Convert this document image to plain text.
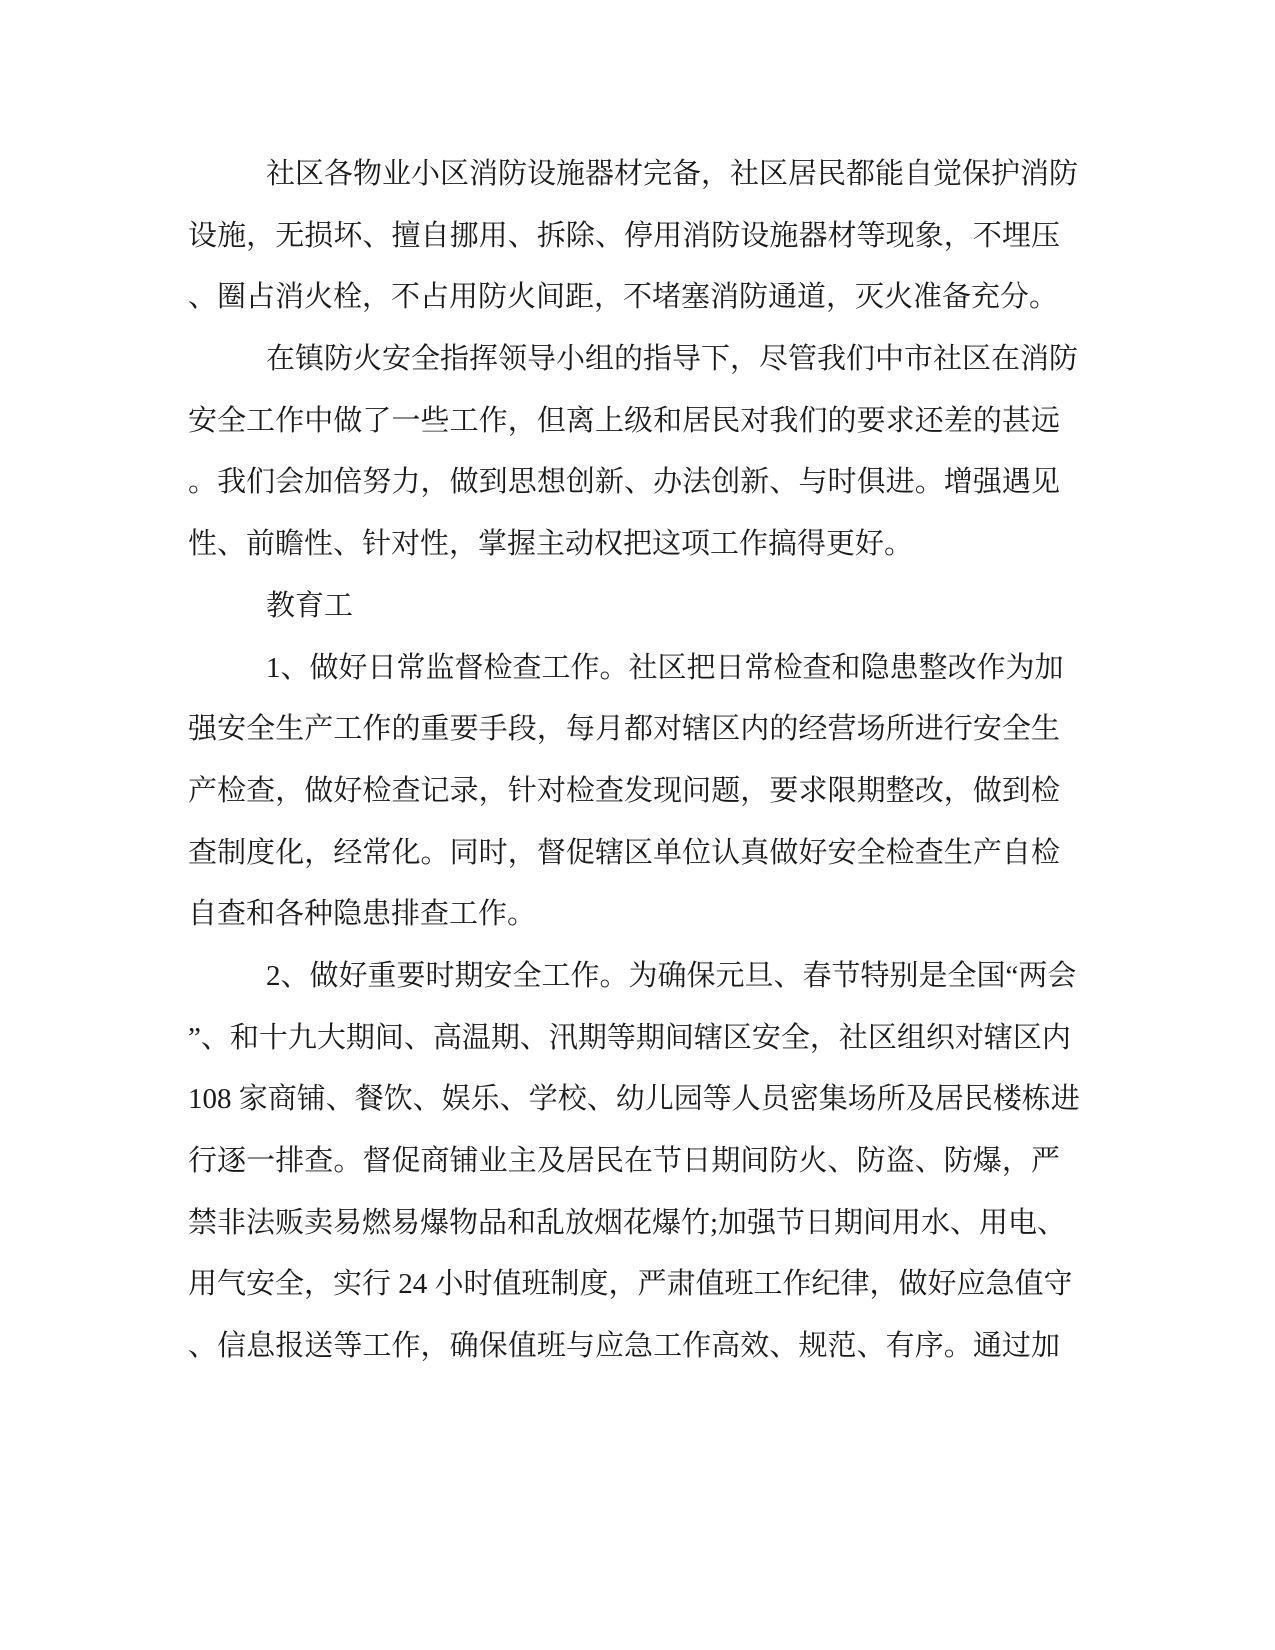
社区各物业小区消防设施器材完备，社区居民都能自觉保护消防
设施，无损坏、擅自挪用、拆除、停用消防设施器材等现象，不埋压
、圈占消火栓，不占用防火间距，不堵塞消防通道，灭火准备充分。
在镇防火安全指挥领导小组的指导下，尽管我们中市社区在消防
安全工作中做了一些工作，但离上级和居民对我们的要求还差的甚远
。我们会加倍努力，做到思想创新、办法创新、与时俱进。增强遇见
性、前瞻性、针对性，掌握主动权把这项工作搞得更好。
教育工
1、做好日常监督检查工作。社区把日常检查和隐患整改作为加
强安全生产工作的重要手段，每月都对辖区内的经营场所进行安全生
产检查，做好检查记录，针对检查发现问题，要求限期整改，做到检
查制度化，经常化。同时，督促辖区单位认真做好安全检查生产自检
自查和各种隐患排查工作。
2、做好重要时期安全工作。为确保元旦、春节特别是全国“两会
”、和十九大期间、高温期、汛期等期间辖区安全，社区组织对辖区内
108 家商铺、餐饮、娱乐、学校、幼儿园等人员密集场所及居民楼栋进
行逐一排查。督促商铺业主及居民在节日期间防火、防盗、防爆，严
禁非法贩卖易燃易爆物品和乱放烟花爆竹;加强节日期间用水、用电、
用气安全，实行 24 小时值班制度，严肃值班工作纪律，做好应急值守
、信息报送等工作，确保值班与应急工作高效、规范、有序。通过加
